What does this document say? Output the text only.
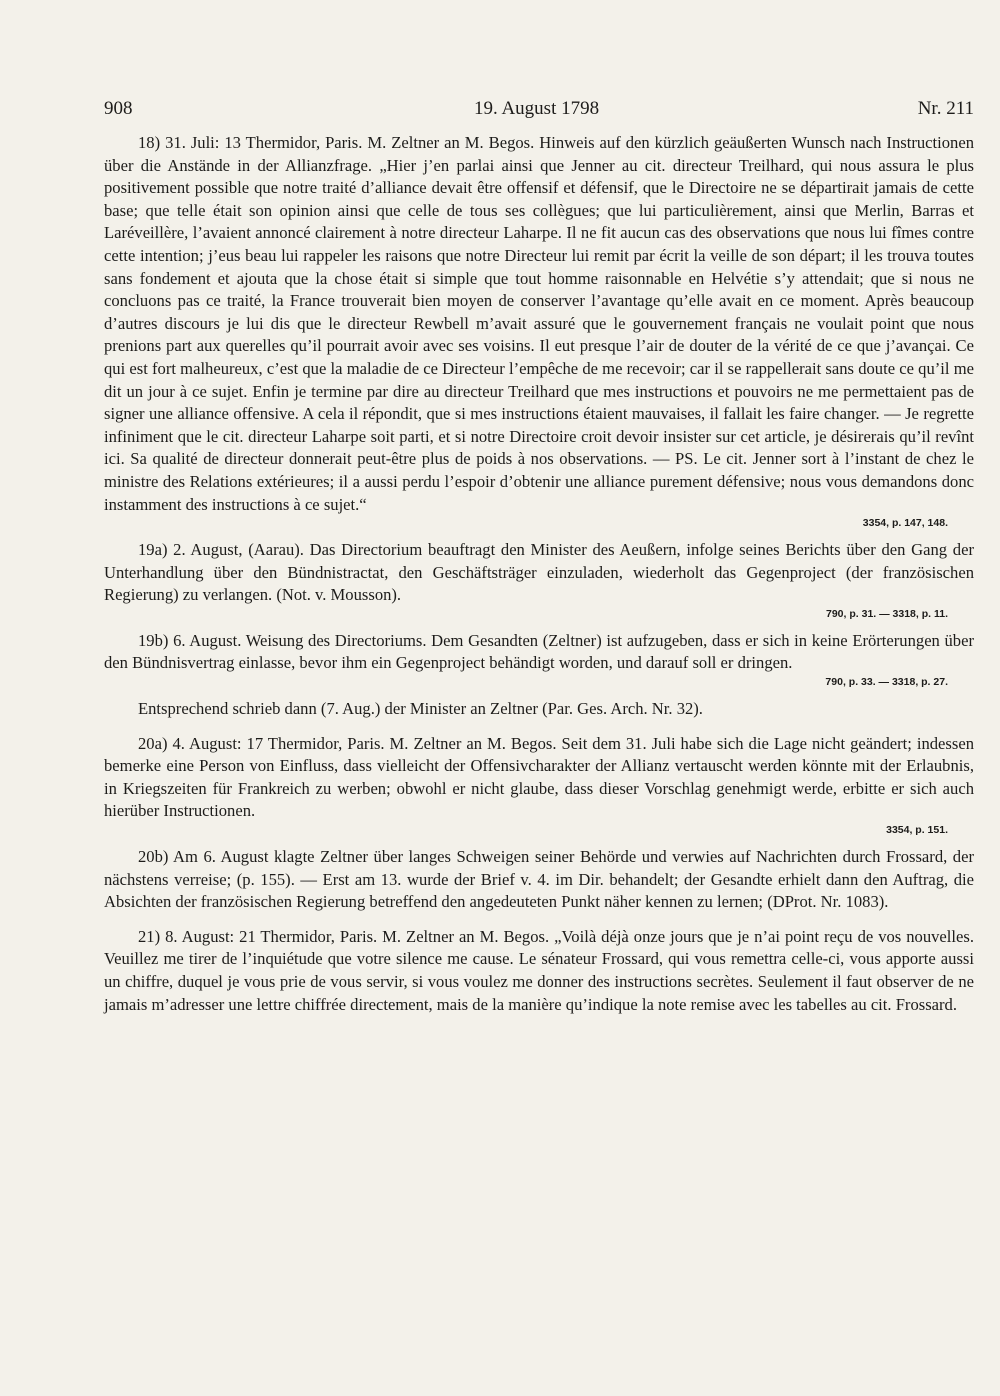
908	19. August 1798	Nr. 211

18) 31. Juli: 13 Thermidor, Paris. M. Zeltner an M. Begos. Hinweis auf den kürzlich geäußerten Wunsch nach Instructionen über die Anstände in der Allianzfrage. „Hier j’en parlai ainsi que Jenner au cit. directeur Treilhard, qui nous assura le plus positivement possible que notre traité d’alliance devait être offensif et défensif, que le Directoire ne se départirait jamais de cette base; que telle était son opinion ainsi que celle de tous ses collègues; que lui particulièrement, ainsi que Merlin, Barras et Laréveillère, l’avaient annoncé clairement à notre directeur Laharpe. Il ne fit aucun cas des observations que nous lui fîmes contre cette intention; j’eus beau lui rappeler les raisons que notre Directeur lui remit par écrit la veille de son départ; il les trouva toutes sans fondement et ajouta que la chose était si simple que tout homme raisonnable en Helvétie s’y attendait; que si nous ne concluons pas ce traité, la France trouverait bien moyen de conserver l’avantage qu’elle avait en ce moment. Après beaucoup d’autres discours je lui dis que le directeur Rewbell m’avait assuré que le gouvernement français ne voulait point que nous prenions part aux querelles qu’il pourrait avoir avec ses voisins. Il eut presque l’air de douter de la vérité de ce que j’avançai. Ce qui est fort malheureux, c’est que la maladie de ce Directeur l’empêche de me recevoir; car il se rappellerait sans doute ce qu’il me dit un jour à ce sujet. Enfin je termine par dire au directeur Treilhard que mes instructions et pouvoirs ne me permettaient pas de signer une alliance offensive. A cela il répondit, que si mes instructions étaient mauvaises, il fallait les faire changer. — Je regrette infiniment que le cit. directeur Laharpe soit parti, et si notre Directoire croit devoir insister sur cet article, je désirerais qu’il revînt ici. Sa qualité de directeur donnerait peut-être plus de poids à nos observations. — PS. Le cit. Jenner sort à l’instant de chez le ministre des Relations extérieures; il a aussi perdu l’espoir d’obtenir une alliance purement défensive; nous vous demandons donc instamment des instructions à ce sujet.“

3354, p. 147, 148.

19a) 2. August, (Aarau). Das Directorium beauftragt den Minister des Aeußern, infolge seines Berichts über den Gang der Unterhandlung über den Bündnistractat, den Geschäftsträger einzuladen, wiederholt das Gegenproject (der französischen Regierung) zu verlangen. (Not. v. Mousson).

790, p. 31. — 3318, p. 11.

19b) 6. August. Weisung des Directoriums. Dem Gesandten (Zeltner) ist aufzugeben, dass er sich in keine Erörterungen über den Bündnisvertrag einlasse, bevor ihm ein Gegenproject behändigt worden, und darauf soll er dringen.

790, p. 33. — 3318, p. 27.

Entsprechend schrieb dann (7. Aug.) der Minister an Zeltner (Par. Ges. Arch. Nr. 32).

20a) 4. August: 17 Thermidor, Paris. M. Zeltner an M. Begos. Seit dem 31. Juli habe sich die Lage nicht geändert; indessen bemerke eine Person von Einfluss, dass vielleicht der Offensivcharakter der Allianz vertauscht werden könnte mit der Erlaubnis, in Kriegszeiten für Frankreich zu werben; obwohl er nicht glaube, dass dieser Vorschlag genehmigt werde, erbitte er sich auch hierüber Instructionen.

3354, p. 151.

20b) Am 6. August klagte Zeltner über langes Schweigen seiner Behörde und verwies auf Nachrichten durch Frossard, der nächstens verreise; (p. 155). — Erst am 13. wurde der Brief v. 4. im Dir. behandelt; der Gesandte erhielt dann den Auftrag, die Absichten der französischen Regierung betreffend den angedeuteten Punkt näher kennen zu lernen; (DProt. Nr. 1083).

21) 8. August: 21 Thermidor, Paris. M. Zeltner an M. Begos. „Voilà déjà onze jours que je n’ai point reçu de vos nouvelles. Veuillez me tirer de l’inquiétude que votre silence me cause. Le sénateur Frossard, qui vous remettra celle-ci, vous apporte aussi un chiffre, duquel je vous prie de vous servir, si vous voulez me donner des instructions secrètes. Seulement il faut observer de ne jamais m’adresser une lettre chiffrée directement, mais de la manière qu’indique la note remise avec les tabelles au cit. Frossard.
